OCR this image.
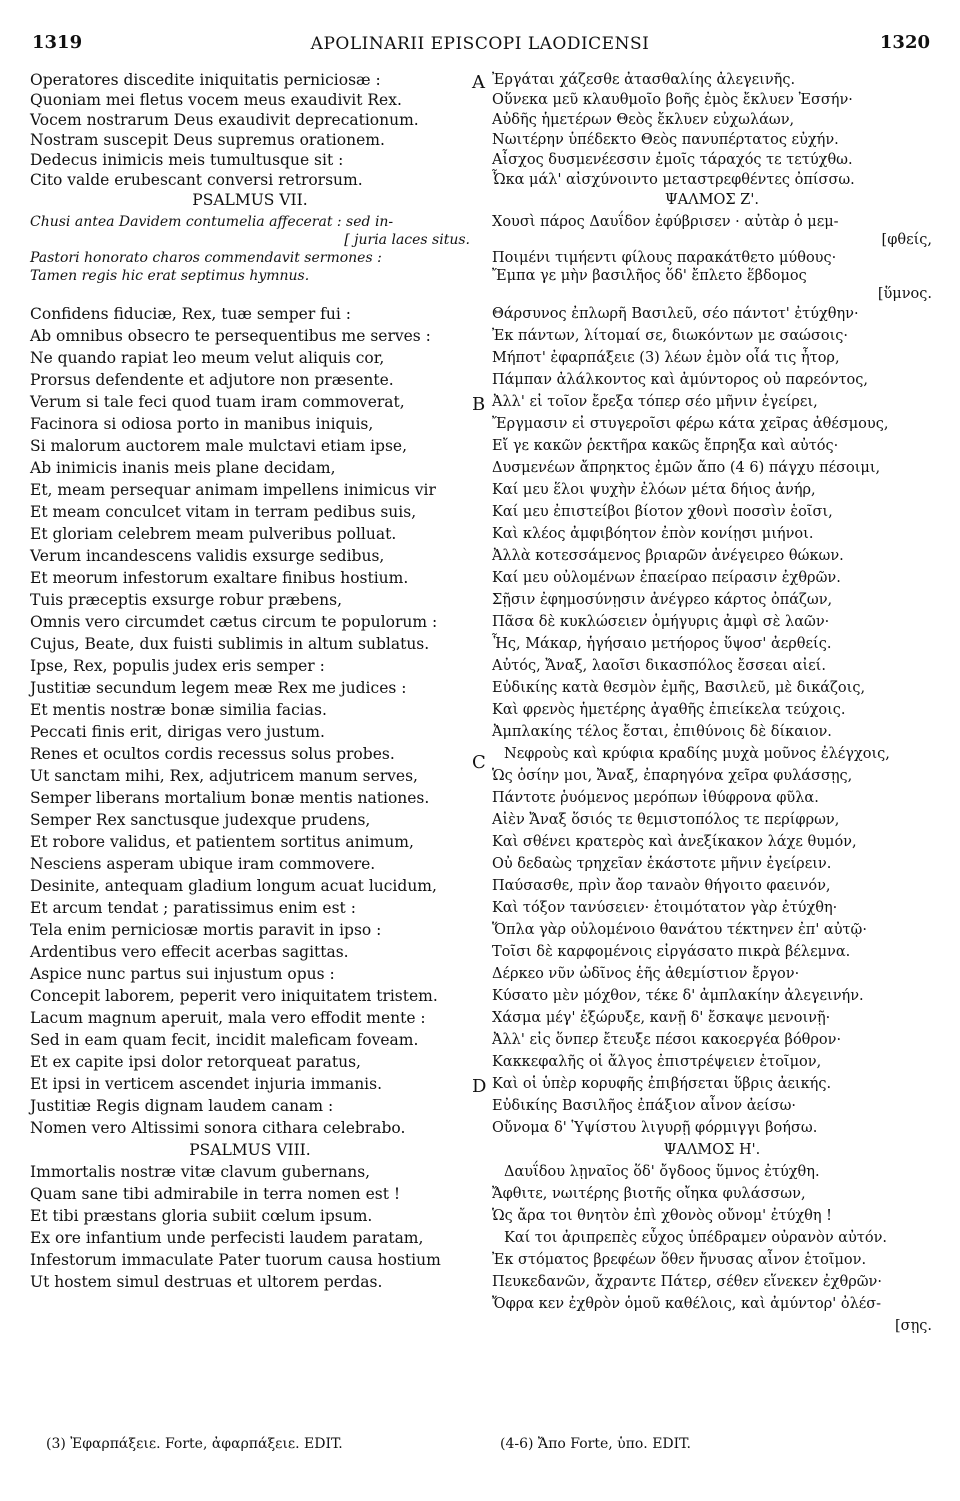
1319	APOLINARII EPISCOPI LAODICENSI	1320
Operatores discedite iniquitatis perniciosæ :
Quoniam mei fletus vocem meus exaudivit Rex.
Vocem nostrarum Deus exaudivit deprecationum.
Nostram suscepit Deus supremus orationem.
Dedecus inimicis meis tumultusque sit :
Cito valde erubescant conversi retrorsum.
PSALMUS VII.
Chusi antea Davidem contumelia affecerat : sed in-
[ juria laces situs.
Pastori honorato charos commendavit sermones :
Tamen regis hic erat septimus hymnus.
Confidens fiduciæ, Rex, tuæ semper fui :
Ab omnibus obsecro te persequentibus me serves :
Ne quando rapiat leo meum velut aliquis cor,
Prorsus defendente et adjutore non præsente.
Verum si tale feci quod tuam iram commoverat,
Facinora si odiosa porto in manibus iniquis,
Si malorum auctorem male mulctavi etiam ipse,
Ab inimicis inanis meis plane decidam,
Et, meam persequar animam impellens inimicus vir
Et meam conculcet vitam in terram pedibus suis,
Et gloriam celebrem meam pulveribus polluat.
Verum incandescens validis exsurge sedibus,
Et meorum infestorum exaltare finibus hostium.
Tuis præceptis exsurge robur præbens,
Omnis vero circumdet cætus circum te populorum :
Cujus, Beate, dux fuisti sublimis in altum sublatus.
Ipse, Rex, populis judex eris semper :
Justitiæ secundum legem meæ Rex me judices :
Et mentis nostræ bonæ similia facias.
Peccati finis erit, dirigas vero justum.
Renes et ocultos cordis recessus solus probes.
Ut sanctam mihi, Rex, adjutricem manum serves,
Semper liberans mortalium bonæ mentis nationes.
Semper Rex sanctusque judexque prudens,
Et robore validus, et patientem sortitus animum,
Nesciens asperam ubique iram commovere.
Desinite, antequam gladium longum acuat lucidum,
Et arcum tendat ; paratissimus enim est :
Tela enim perniciosæ mortis paravit in ipso :
Ardentibus vero effecit acerbas sagittas.
Aspice nunc partus sui injustum opus :
Concepit laborem, peperit vero iniquitatem tristem.
Lacum magnum aperuit, mala vero effodit mente :
Sed in eam quam fecit, incidit maleficam foveam.
Et ex capite ipsi dolor retorqueat paratus,
Et ipsi in verticem ascendet injuria immanis.
Justitiæ Regis dignam laudem canam :
Nomen vero Altissimi sonora cithara celebrabo.
PSALMUS VIII.
Immortalis nostræ vitæ clavum gubernans,
Quam sane tibi admirabile in terra nomen est !
Et tibi præstans gloria subiit cœlum ipsum.
Ex ore infantium unde perfecisti laudem paratam,
Infestorum immaculate Pater tuorum causa hostium
Ut hostem simul destruas et ultorem perdas.
A
B
C
D
Ἐργάται χάζεσθε ἀτασθαλίης ἀλεγεινῆς.
Οὕνεκα μεῦ κλαυθμοῖο βοῆς ἐμὸς ἔκλυεν Ἐσσήν·
Αὐδῆς ἡμετέρων Θεὸς ἔκλυεν εὐχωλάων,
Νωιτέρην ὑπέδεκτο Θεὸς πανυπέρτατος εὐχήν.
Αἶσχος δυσμενέεσσιν ἐμοῖς τάραχός τε τετύχθω.
Ὦκα μάλ' αἰσχύνοιντο μεταστρεφθέντες ὀπίσσω.
ΨΑΛΜΟΣ Ζ'.
Χουσὶ πάρος Δαυΐδον ἐφύβρισεν · αὐτὰρ ὁ μεμ-
[φθείς,
Ποιμένι τιμήεντι φίλους παρακάτθετο μύθους·
Ἔμπα γε μὴν βασιλῆος ὅδ' ἔπλετο ἕβδομος
[ὕμνος.
Θάρσυνος ἐπλωρῆ Βασιλεῦ, σέο πάντοτ' ἐτύχθην·
Ἐκ πάντων, λίτομαί σε, διωκόντων με σαώσοις·
Μήποτ' ἐφαρπάξειε (3) λέων ἐμὸν οἷά τις ἦτορ,
Πάμπαν ἀλάλκοντος καὶ ἀμύντορος οὐ παρεόντος,
Ἀλλ' εἰ τοῖον ἔρεξα τόπερ σέο μῆνιν ἐγείρει,
Ἔργμασιν εἰ στυγεροῖσι φέρω κάτα χεῖρας ἀθέσμους,
Εἴ γε κακῶν ῥεκτῆρα κακῶς ἔπρηξα καὶ αὐτός·
Δυσμενέων ἄπρηκτος ἐμῶν ἄπο (4 6) πάγχυ πέσοιμι,
Καί μευ ἕλοι ψυχὴν ἐλόων μέτα δήιος ἀνήρ,
Καί μευ ἐπιστείβοι βίοτον χθονὶ ποσσὶν ἑοῖσι,
Καὶ κλέος ἀμφιβόητον ἐπὸν κονίῃσι μιήνοι.
Ἀλλὰ κοτεσσάμενος βριαρῶν ἀνέγειρεο θώκων.
Καί μευ οὐλομένων ἐπαείραο πείρασιν ἐχθρῶν.
Σῇσιν ἐφημοσύνῃσιν ἀνέγρεο κάρτος ὀπάζων,
Πᾶσα δὲ κυκλώσειεν ὁμήγυρις ἀμφὶ σὲ λαῶν·
Ἧς, Μάκαρ, ἡγήσαιο μετήορος ὕψοσ' ἀερθείς.
Αὐτός, Ἄναξ, λαοῖσι δικασπόλος ἔσσεαι αἰεί.
Εὐδικίης κατὰ θεσμὸν ἐμῆς, Βασιλεῦ, μὲ δικάζοις,
Καὶ φρενὸς ἡμετέρης ἀγαθῆς ἐπιείκελα τεύχοις.
Ἀμπλακίης τέλος ἔσται, ἐπιθύνοις δὲ δίκαιον.
Νεφροὺς καὶ κρύφια κραδίης μυχὰ μοῦνος ἐλέγχοις,
Ὡς ὁσίην μοι, Ἄναξ, ἐπαρηγόνα χεῖρα φυλάσσῃς,
Πάντοτε ῥυόμενος μερόπων ἰθύφρονα φῦλα.
Αἰὲν Ἄναξ ὅσιός τε θεμιστοπόλος τε περίφρων,
Καὶ σθένει κρατερὸς καὶ ἀνεξίκακον λάχε θυμόν,
Οὐ δεδαὼς τρηχεῖαν ἑκάστοτε μῆνιν ἐγείρειν.
Παύσασθε, πρὶν ἄορ τανaὸν θήγοιτο φαεινόν,
Καὶ τόξον τανύσειεν· ἑτοιμότατον γὰρ ἐτύχθη·
Ὅπλα γὰρ οὐλομένοιο θανάτου τέκτηνεν ἐπ' αὐτῷ·
Τοῖσι δὲ καρφομένοις εἰργάσατο πικρὰ βέλεμνα.
Δέρκεο νῦν ὠδῖνος ἑῆς ἀθεμίστιον ἔργον·
Κύσατο μὲν μόχθον, τέκε δ' ἀμπλακίην ἀλεγεινήν.
Χάσμα μέγ' ἐξώρυξε, κανῇ δ' ἔσκαψε μενοινῇ·
Ἀλλ' εἰς ὅνπερ ἔτευξε πέσοι κακοεργέα βόθρον·
Κακκεφαλῆς οἱ ἄλγος ἐπιστρέψειεν ἑτοῖμον,
Καὶ οἱ ὑπὲρ κορυφῆς ἐπιβήσεται ὕβρις ἀεικής.
Εὐδικίης Βασιλῆος ἐπάξιον αἶνον ἀείσω·
Οὔνομα δ' Ὑψίστου λιγυρῇ φόρμιγγι βοήσω.
ΨΑΛΜΟΣ Η'.
Δαυΐδου λῃναῖος ὅδ' ὄγδοος ὕμνος ἐτύχθη.
Ἄφθιτε, νωιτέρης βιοτῆς οἴηκα φυλάσσων,
Ὡς ἄρα τοι θνητὸν ἐπὶ χθονὸς οὔνομ' ἐτύχθη !
Καί τοι ἀριπρεπὲς εὖχος ὑπέδραμεν οὐρανὸν αὐτόν.
Ἐκ στόματος βρεφέων ὅθεν ἤνυσας αἶνον ἑτοῖμον.
Πευκεδανῶν, ἄχραντε Πάτερ, σέθεν εἵνεκεν ἐχθρῶν·
Ὄφρα κεν ἐχθρὸν ὁμοῦ καθέλοις, καὶ ἀμύντορ' ὀλέσ-
[σῃς.
(3) Ἐφαρπάξειε. Forte, ἀφαρπάξειε. EDIT.	(4-6) Ἄπο Forte, ὑπο. EDIT.
